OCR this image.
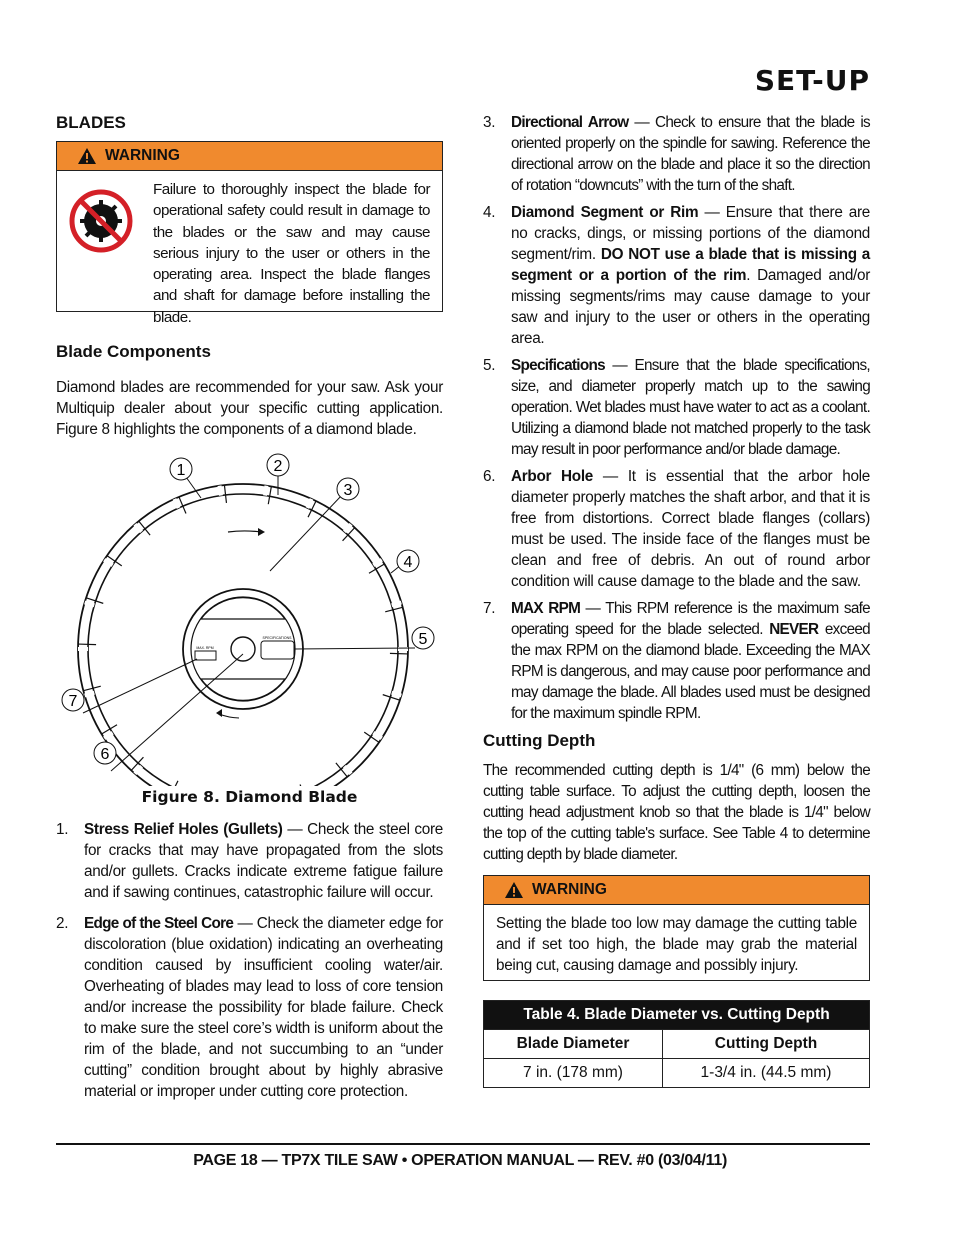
SET-UP
BLADES
WARNING

Failure to thoroughly inspect the blade for operational safety could result in damage to the blades or the saw and may cause serious injury to the user or others in the operating area. Inspect the blade flanges and shaft for damage before installing the blade.

Blade Components

Diamond blades are recommended for your saw. Ask your Multiquip dealer about your specific cutting application. Figure 8 highlights the components of a diamond blade.

MAX. RPM
SPECIFICATIONS
1	2
3
4
5
6
7
Figure 8. Diamond Blade
1. Stress Relief Holes (Gullets) — Check the steel core for cracks that may have propagated from the slots and/or gullets. Cracks indicate extreme fatigue failure and if sawing continues, catastrophic failure will occur.

2. Edge of the Steel Core — Check the diameter edge for discoloration (blue oxidation) indicating an overheating condition caused by insufficient cooling water/air. Overheating of blades may lead to loss of core tension and/or increase the possibility for blade failure. Check to make sure the steel core’s width is uniform about the rim of the blade, and not succumbing to an “under cutting” condition brought about by highly abrasive material or improper under cutting core protection.

3. Directional Arrow — Check to ensure that the blade is oriented properly on the spindle for sawing. Reference the directional arrow on the blade and place it so the direction of rotation “downcuts” with the turn of the shaft.

4. Diamond Segment or Rim — Ensure that there are no cracks, dings, or missing portions of the diamond segment/rim. DO NOT use a blade that is missing a segment or a portion of the rim. Damaged and/or missing segments/rims may cause damage to your saw and injury to the user or others in the operating area.

5. Specifications — Ensure that the blade specifications, size, and diameter properly match up to the sawing operation. Wet blades must have water to act as a coolant. Utilizing a diamond blade not matched properly to the task may result in poor performance and/or blade damage.

6. Arbor Hole — It is essential that the arbor hole diameter properly matches the shaft arbor, and that it is free from distortions. Correct blade flanges (collars) must be used. The inside face of the flanges must be clean and free of debris. An out of round arbor condition will cause damage to the blade and the saw.

7. MAX RPM — This RPM reference is the maximum safe operating speed for the blade selected. NEVER exceed the max RPM on the diamond blade. Exceeding the MAX RPM is dangerous, and may cause poor performance and may damage the blade. All blades used must be designed for the maximum spindle RPM.

Cutting Depth

The recommended cutting depth is 1/4" (6 mm) below the cutting table surface. To adjust the cutting depth, loosen the cutting head adjustment knob so that the blade is 1/4" below the top of the cutting table's surface. See Table 4 to determine cutting depth by blade diameter.

WARNING

Setting the blade too low may damage the cutting table and if set too high, the blade may grab the material being cut, causing damage and possibly injury.

Table 4. Blade Diameter vs. Cutting Depth	
Blade Diameter	Cutting Depth
7 in. (178 mm)	1-3/4 in. (44.5 mm)
PAGE 18 — TP7X TILE SAW • OPERATION MANUAL — REV. #0 (03/04/11)
